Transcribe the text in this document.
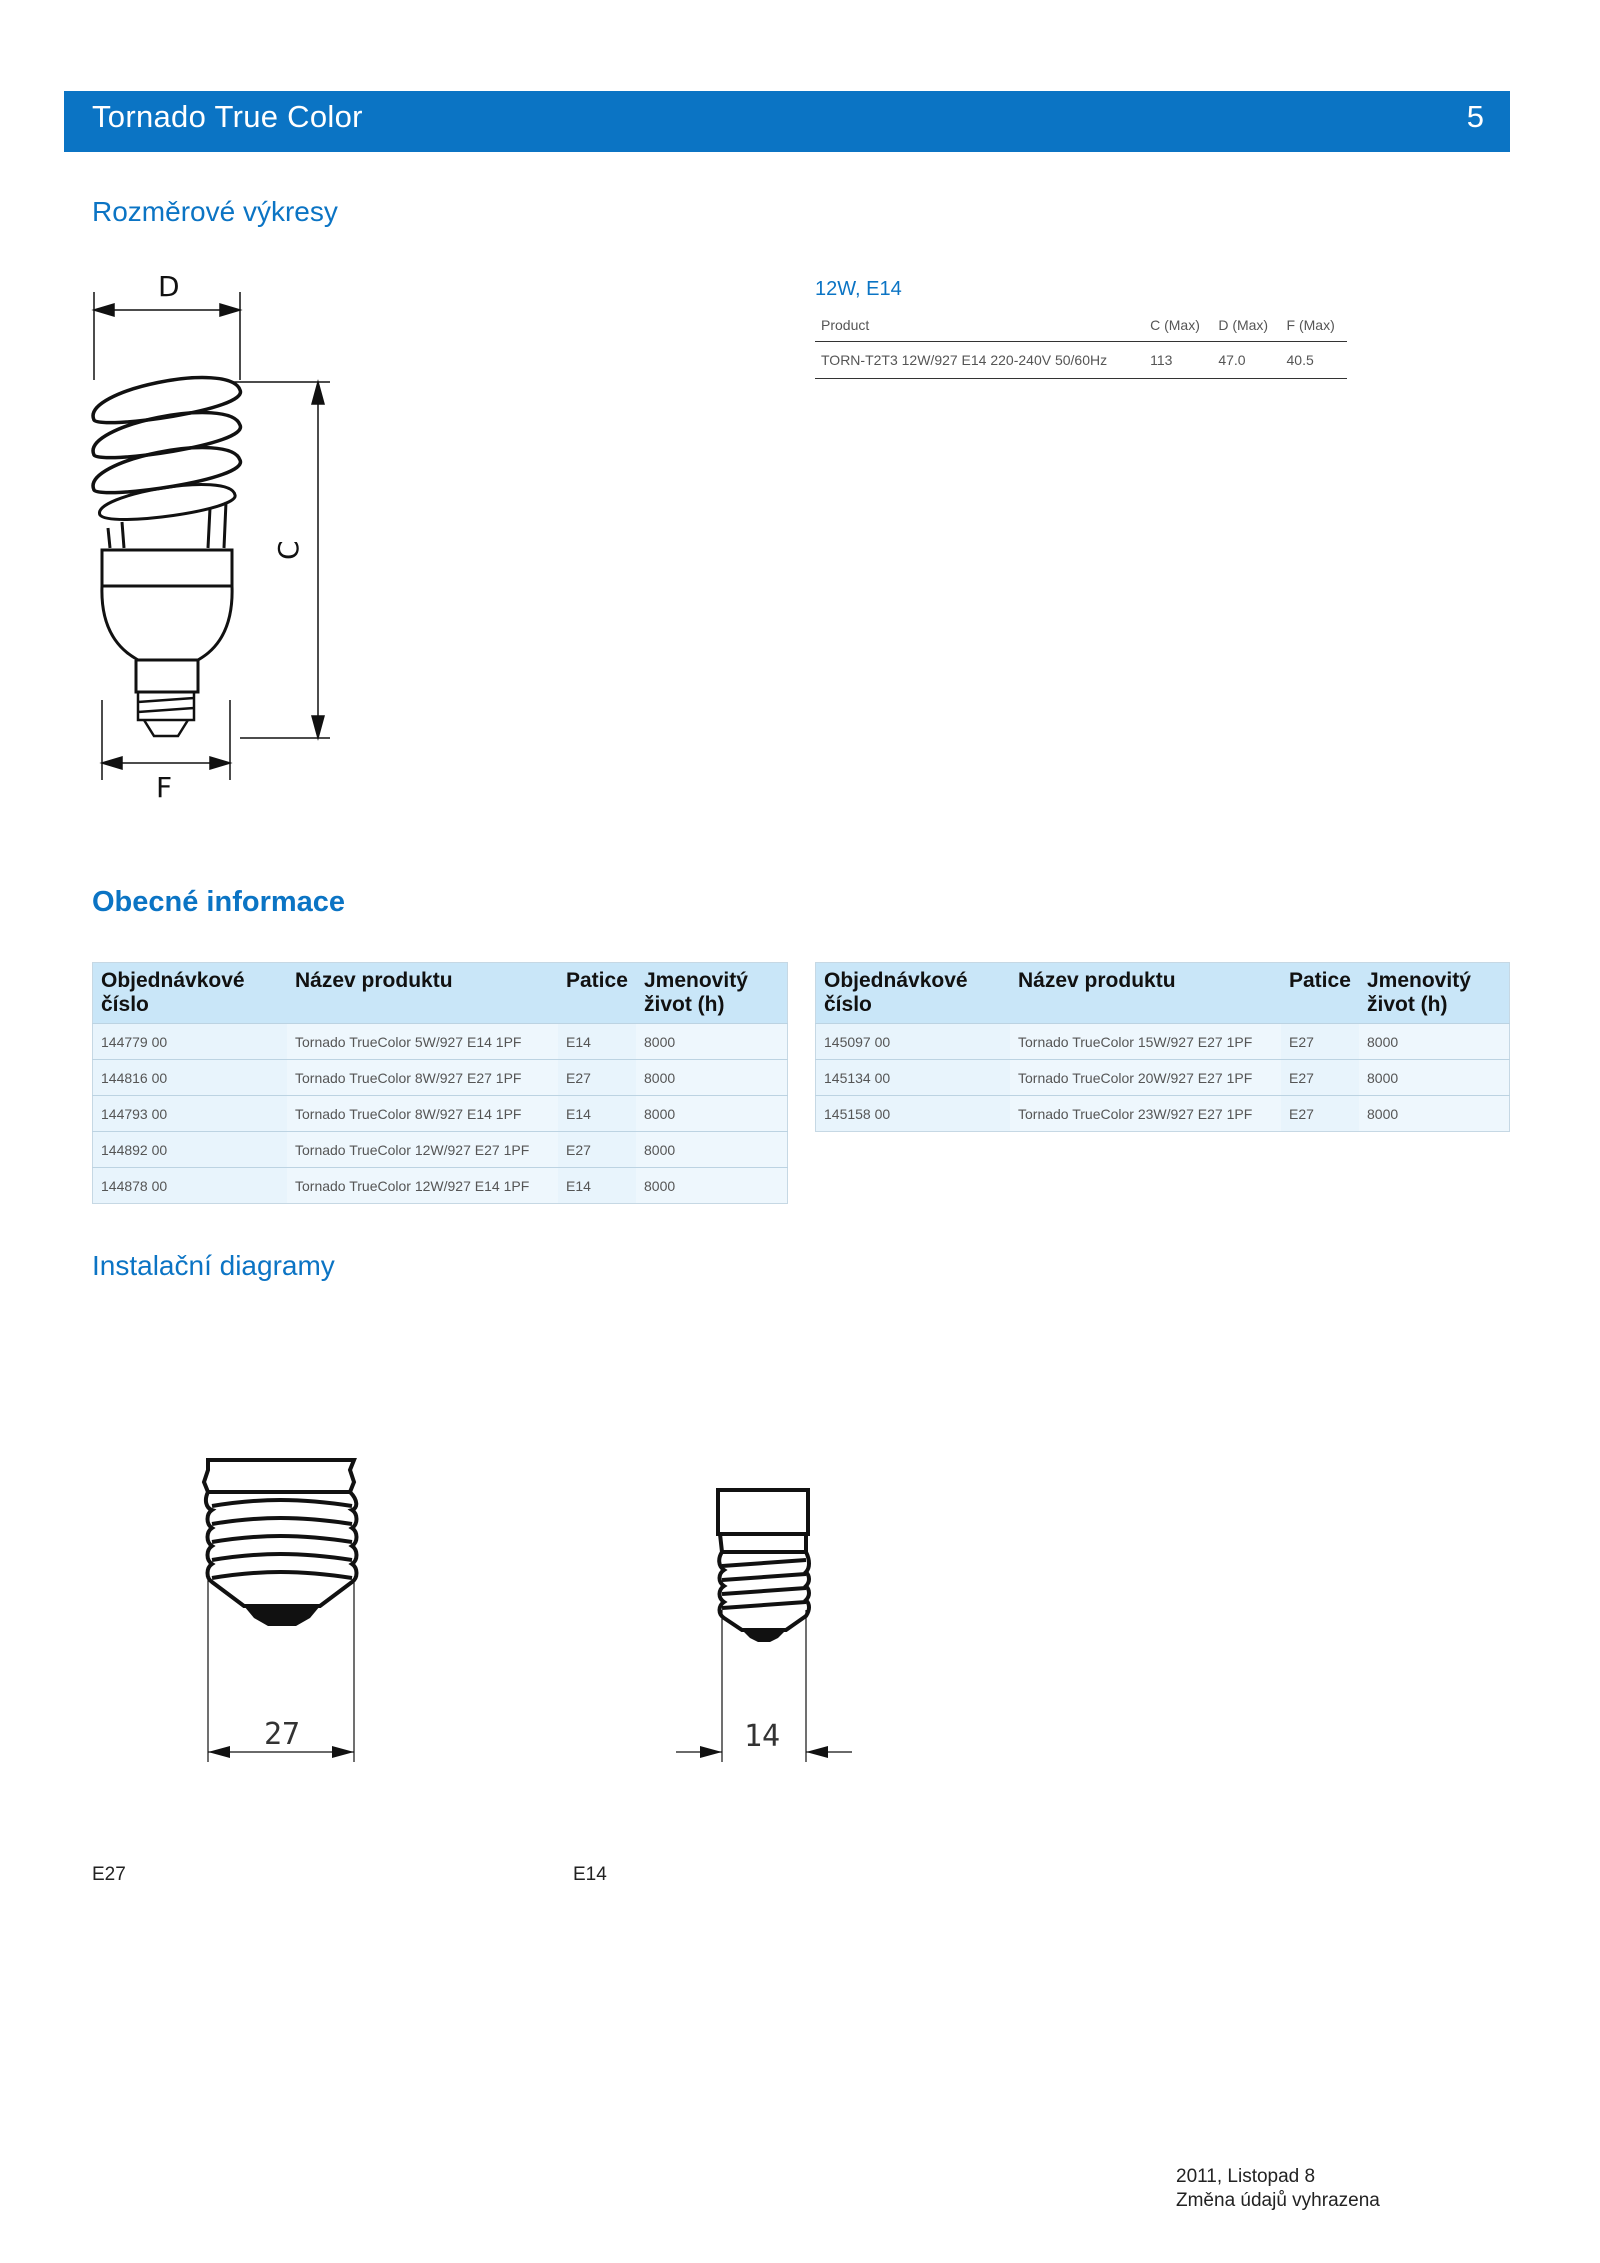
Tornado True Color	5
Rozměrové výkresy
D
C
F
12W, E14
Product	C (Max)	D (Max)	F (Max)
TORN-T2T3 12W/927 E14 220-240V 50/60Hz	113	47.0	40.5
Obecné informace
Objednávkové číslo	Název produktu	Patice	Jmenovitý život (h)
144779 00	Tornado TrueColor 5W/927 E14 1PF	E14	8000
144816 00	Tornado TrueColor 8W/927 E27 1PF	E27	8000
144793 00	Tornado TrueColor 8W/927 E14 1PF	E14	8000
144892 00	Tornado TrueColor 12W/927 E27 1PF	E27	8000
144878 00	Tornado TrueColor 12W/927 E14 1PF	E14	8000
Objednávkové číslo	Název produktu	Patice	Jmenovitý život (h)
145097 00	Tornado TrueColor 15W/927 E27 1PF	E27	8000
145134 00	Tornado TrueColor 20W/927 E27 1PF	E27	8000
145158 00	Tornado TrueColor 23W/927 E27 1PF	E27	8000
Instalační diagramy
27	14
E27	E14
2011, Listopad 8
Změna údajů vyhrazena
